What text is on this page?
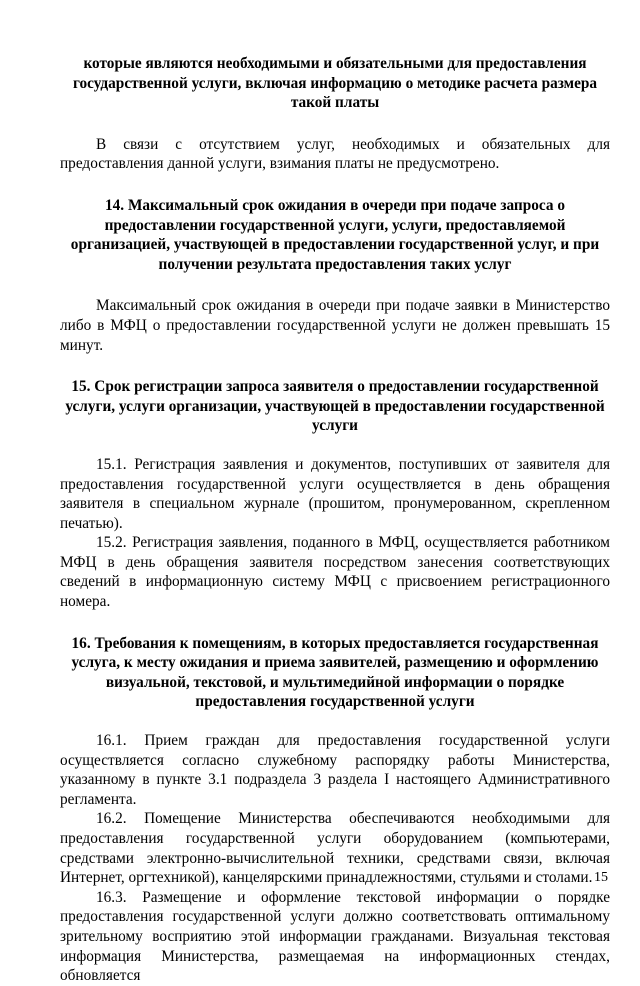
которые являются необходимыми и обязательными для предоставления государственной услуги, включая информацию о методике расчета размера такой платы

В связи с отсутствием услуг, необходимых и обязательных для предоставления данной услуги, взимания платы не предусмотрено.

14. Максимальный срок ожидания в очереди при подаче запроса о предоставлении государственной услуги, услуги, предоставляемой организацией, участвующей в предоставлении государственной услуг, и при получении результата предоставления таких услуг

Максимальный срок ожидания в очереди при подаче заявки в Министерство либо в МФЦ о предоставлении государственной услуги не должен превышать 15 минут.

15. Срок регистрации запроса заявителя о предоставлении государственной услуги, услуги организации, участвующей в предоставлении государственной услуги

15.1. Регистрация заявления и документов, поступивших от заявителя для предоставления государственной услуги осуществляется в день обращения заявителя в специальном журнале (прошитом, пронумерованном, скрепленном печатью).

15.2. Регистрация заявления, поданного в МФЦ, осуществляется работником МФЦ в день обращения заявителя посредством занесения соответствующих сведений в информационную систему МФЦ с присвоением регистрационного номера.

16. Требования к помещениям, в которых предоставляется государственная услуга, к месту ожидания и приема заявителей, размещению и оформлению визуальной, текстовой, и мультимедийной информации о порядке предоставления государственной услуги

16.1. Прием граждан для предоставления государственной услуги осуществляется согласно служебному распорядку работы Министерства, указанному в пункте 3.1 подраздела 3 раздела I настоящего Административного регламента.

16.2. Помещение Министерства обеспечиваются необходимыми для предоставления государственной услуги оборудованием (компьютерами, средствами электронно-вычислительной техники, средствами связи, включая Интернет, оргтехникой), канцелярскими принадлежностями, стульями и столами.

16.3. Размещение и оформление текстовой информации о порядке предоставления государственной услуги должно соответствовать оптимальному зрительному восприятию этой информации гражданами. Визуальная текстовая информация Министерства, размещаемая на информационных стендах, обновляется

15
